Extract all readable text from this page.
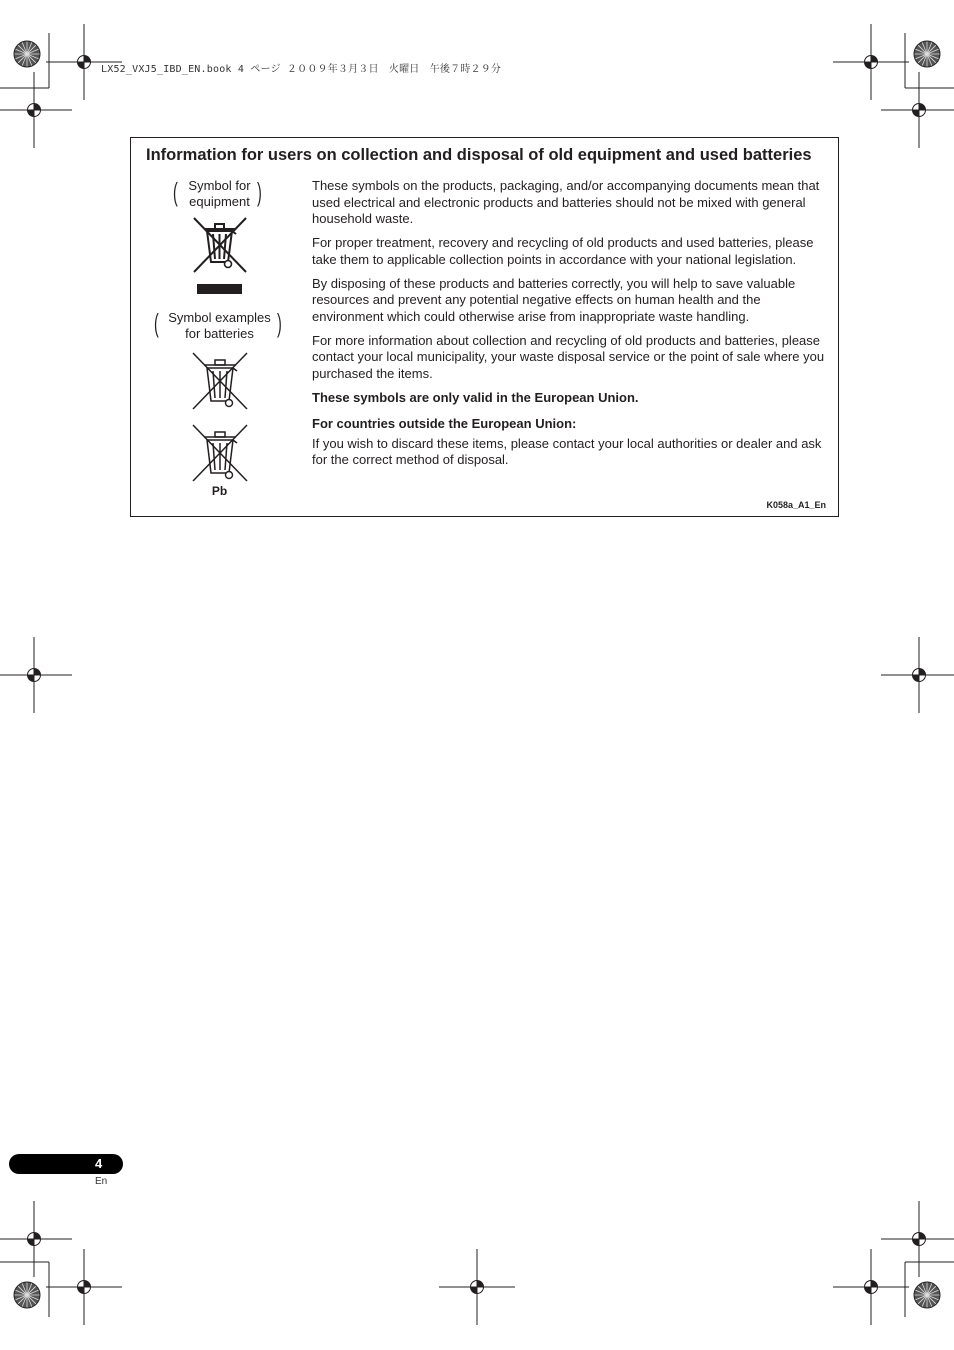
LX52_VXJ5_IBD_EN.book 4 ページ ２００９年３月３日　火曜日　午後７時２９分
Information for users on collection and disposal of old equipment and used batteries
(	)
Symbol for
equipment
(	)
Symbol examples
for batteries
Pb

These symbols on the products, packaging, and/or accompanying documents mean that used electrical and electronic products and batteries should not be mixed with general household waste.

For proper treatment, recovery and recycling of old products and used batteries, please take them to applicable collection points in accordance with your national legislation.

By disposing of these products and batteries correctly, you will help to save valuable resources and prevent any potential negative effects on human health and the environment which could otherwise arise from inappropriate waste handling.

For more information about collection and recycling of old products and batteries, please contact your local municipality, your waste disposal service or the point of sale where you purchased the items.

These symbols are only valid in the European Union.

For countries outside the European Union:

If you wish to discard these items, please contact your local authorities or dealer and ask for the correct method of disposal.

K058a_A1_En
4
En
